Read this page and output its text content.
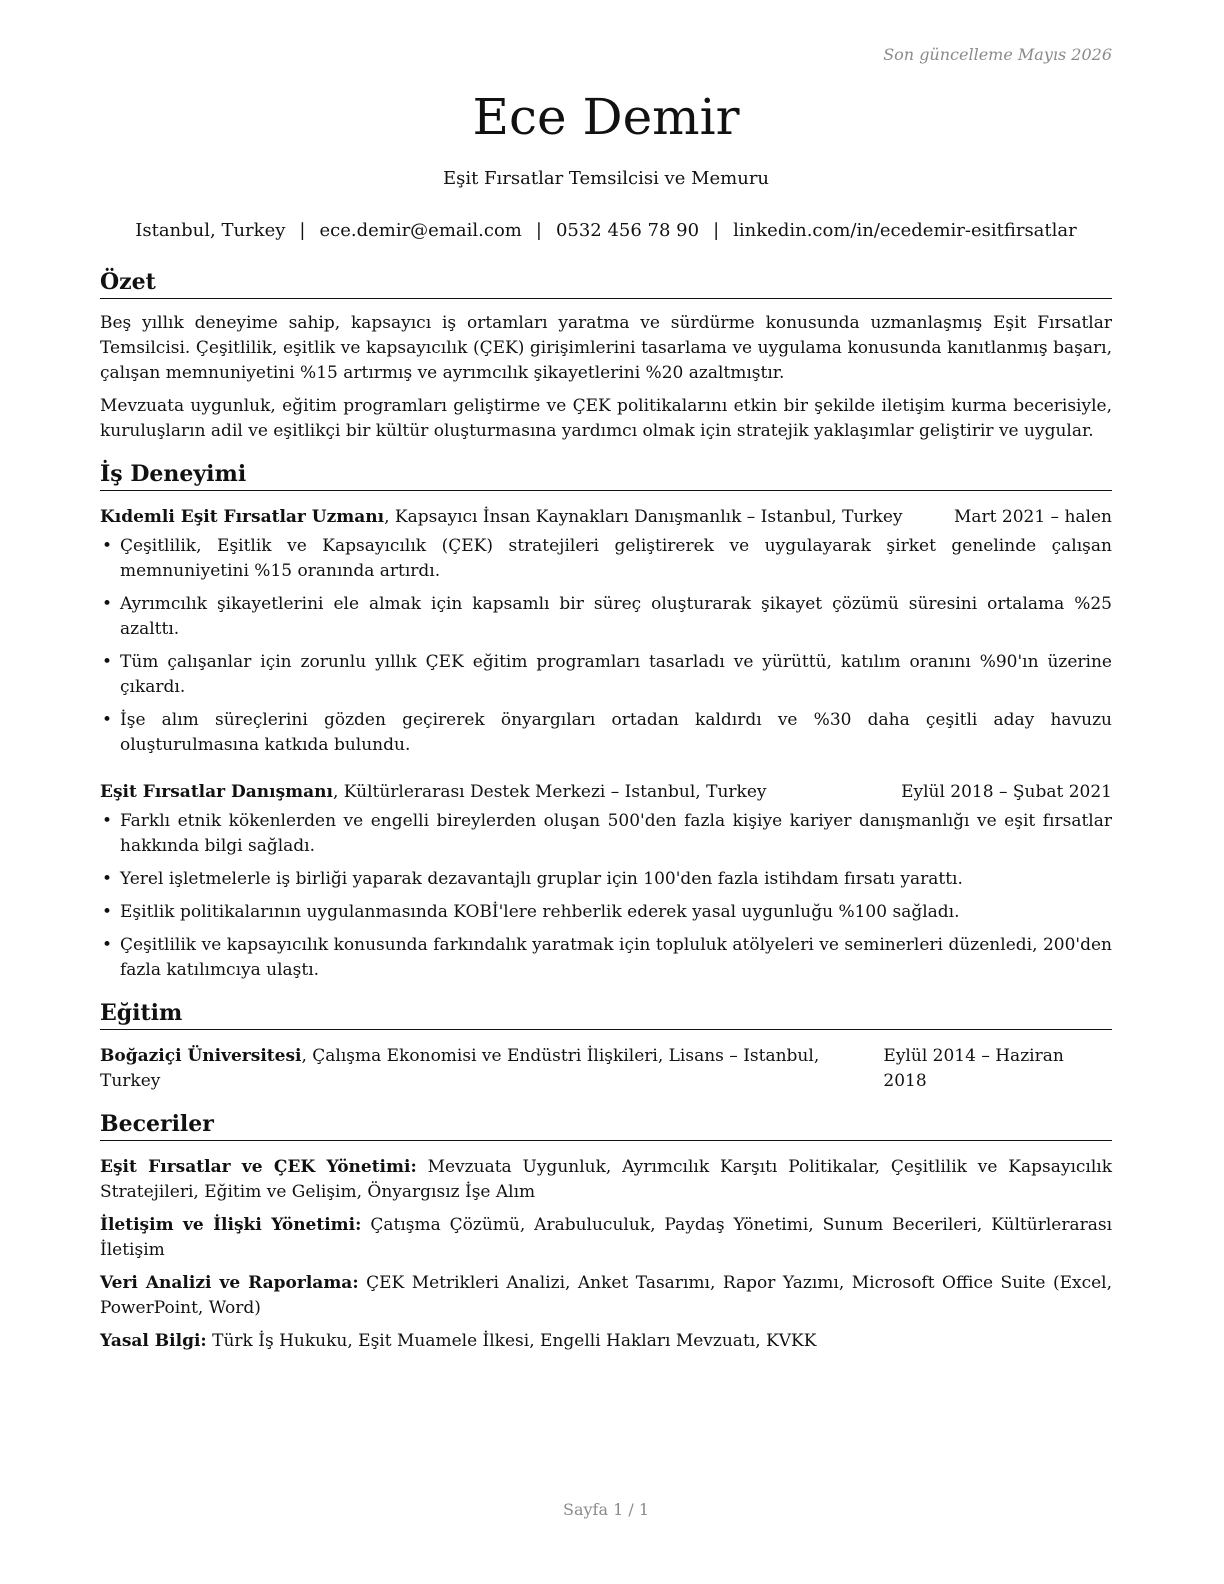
Son güncelleme Mayıs 2026
Ece Demir
Eşit Fırsatlar Temsilcisi ve Memuru
Istanbul, Turkey | ece.demir@email.com | 0532 456 78 90 | linkedin.com/in/ecedemir-esitfirsatlar
Özet

Beş yıllık deneyime sahip, kapsayıcı iş ortamları yaratma ve sürdürme konusunda uzmanlaşmış Eşit Fırsatlar Temsilcisi. Çeşitlilik, eşitlik ve kapsayıcılık (ÇEK) girişimlerini tasarlama ve uygulama konusunda kanıtlanmış başarı, çalışan memnuniyetini %15 artırmış ve ayrımcılık şikayetlerini %20 azaltmıştır.

Mevzuata uygunluk, eğitim programları geliştirme ve ÇEK politikalarını etkin bir şekilde iletişim kurma becerisiyle, kuruluşların adil ve eşitlikçi bir kültür oluşturmasına yardımcı olmak için stratejik yaklaşımlar geliştirir ve uygular.

İş Deneyimi
Kıdemli Eşit Fırsatlar Uzmanı, Kapsayıcı İnsan Kaynakları Danışmanlık – Istanbul, Turkey	Mart 2021 – halen
• Çeşitlilik, Eşitlik ve Kapsayıcılık (ÇEK) stratejileri geliştirerek ve uygulayarak şirket genelinde çalışan memnuniyetini %15 oranında artırdı.
• Ayrımcılık şikayetlerini ele almak için kapsamlı bir süreç oluşturarak şikayet çözümü süresini ortalama %25 azalttı.
• Tüm çalışanlar için zorunlu yıllık ÇEK eğitim programları tasarladı ve yürüttü, katılım oranını %90'ın üzerine çıkardı.
• İşe alım süreçlerini gözden geçirerek önyargıları ortadan kaldırdı ve %30 daha çeşitli aday havuzu oluşturulmasına katkıda bulundu.
Eşit Fırsatlar Danışmanı, Kültürlerarası Destek Merkezi – Istanbul, Turkey	Eylül 2018 – Şubat 2021
• Farklı etnik kökenlerden ve engelli bireylerden oluşan 500'den fazla kişiye kariyer danışmanlığı ve eşit fırsatlar hakkında bilgi sağladı.
• Yerel işletmelerle iş birliği yaparak dezavantajlı gruplar için 100'den fazla istihdam fırsatı yarattı.
• Eşitlik politikalarının uygulanmasında KOBİ'lere rehberlik ederek yasal uygunluğu %100 sağladı.
• Çeşitlilik ve kapsayıcılık konusunda farkındalık yaratmak için topluluk atölyeleri ve seminerleri düzenledi, 200'den fazla katılımcıya ulaştı.
Eğitim
Boğaziçi Üniversitesi, Çalışma Ekonomisi ve Endüstri İlişkileri, Lisans – Istanbul, Turkey
Eylül 2014 – Haziran 2018
Beceriler
Eşit Fırsatlar ve ÇEK Yönetimi: Mevzuata Uygunluk, Ayrımcılık Karşıtı Politikalar, Çeşitlilik ve Kapsayıcılık Stratejileri, Eğitim ve Gelişim, Önyargısız İşe Alım
İletişim ve İlişki Yönetimi: Çatışma Çözümü, Arabuluculuk, Paydaş Yönetimi, Sunum Becerileri, Kültürlerarası İletişim
Veri Analizi ve Raporlama: ÇEK Metrikleri Analizi, Anket Tasarımı, Rapor Yazımı, Microsoft Office Suite (Excel, PowerPoint, Word)
Yasal Bilgi: Türk İş Hukuku, Eşit Muamele İlkesi, Engelli Hakları Mevzuatı, KVKK
Sayfa 1 / 1
